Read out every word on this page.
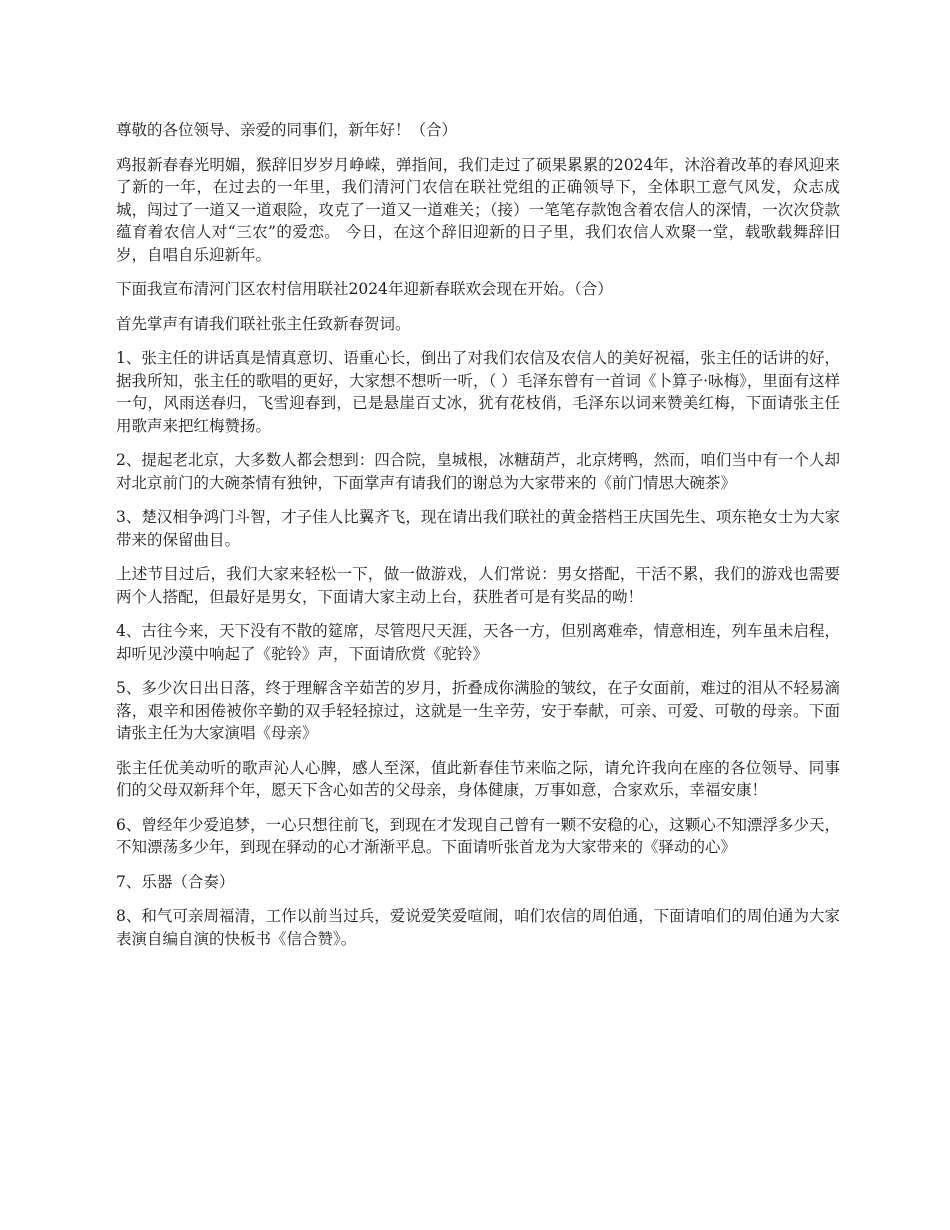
尊敬的各位领导、亲爱的同事们，新年好！（合）

鸡报新春春光明媚，猴辞旧岁岁月峥嵘，弹指间，我们走过了硕果累累的2024年，沐浴着改革的春风迎来了新的一年，在过去的一年里，我们清河门农信在联社党组的正确领导下，全体职工意气风发，众志成城，闯过了一道又一道艰险，攻克了一道又一道难关；（接）一笔笔存款饱含着农信人的深情，一次次贷款蕴育着农信人对“三农”的爱恋。 今日，在这个辞旧迎新的日子里，我们农信人欢聚一堂，载歌载舞辞旧岁，自唱自乐迎新年。

下面我宣布清河门区农村信用联社2024年迎新春联欢会现在开始。（合）

首先掌声有请我们联社张主任致新春贺词。

1、张主任的讲话真是情真意切、语重心长，倒出了对我们农信及农信人的美好祝福，张主任的话讲的好，据我所知，张主任的歌唱的更好，大家想不想听一听，（ ）毛泽东曾有一首词《卜算子·咏梅》，里面有这样一句，风雨送春归，飞雪迎春到，已是悬崖百丈冰，犹有花枝俏，毛泽东以词来赞美红梅，下面请张主任用歌声来把红梅赞扬。

2、提起老北京，大多数人都会想到：四合院，皇城根，冰糖葫芦，北京烤鸭，然而，咱们当中有一个人却对北京前门的大碗茶情有独钟，下面掌声有请我们的谢总为大家带来的《前门情思大碗茶》

3、楚汉相争鸿门斗智，才子佳人比翼齐飞，现在请出我们联社的黄金搭档王庆国先生、项东艳女士为大家带来的保留曲目。

上述节目过后，我们大家来轻松一下，做一做游戏，人们常说：男女搭配，干活不累，我们的游戏也需要两个人搭配，但最好是男女，下面请大家主动上台，获胜者可是有奖品的呦！

4、古往今来，天下没有不散的筵席，尽管咫尺天涯，天各一方，但别离难牵，情意相连，列车虽未启程，却听见沙漠中响起了《驼铃》声，下面请欣赏《驼铃》

5、多少次日出日落，终于理解含辛茹苦的岁月，折叠成你满脸的皱纹，在子女面前，难过的泪从不轻易滴落，艰辛和困倦被你辛勤的双手轻轻掠过，这就是一生辛劳，安于奉献，可亲、可爱、可敬的母亲。下面请张主任为大家演唱《母亲》

张主任优美动听的歌声沁人心脾，感人至深，值此新春佳节来临之际，请允许我向在座的各位领导、同事们的父母双新拜个年，愿天下含心如苦的父母亲，身体健康，万事如意，合家欢乐，幸福安康！

6、曾经年少爱追梦，一心只想往前飞，到现在才发现自己曾有一颗不安稳的心，这颗心不知漂浮多少天，不知漂荡多少年，到现在驿动的心才渐渐平息。下面请听张首龙为大家带来的《驿动的心》

7、乐器（合奏）

8、和气可亲周福清，工作以前当过兵，爱说爱笑爱喧闹，咱们农信的周伯通，下面请咱们的周伯通为大家表演自编自演的快板书《信合赞》。
